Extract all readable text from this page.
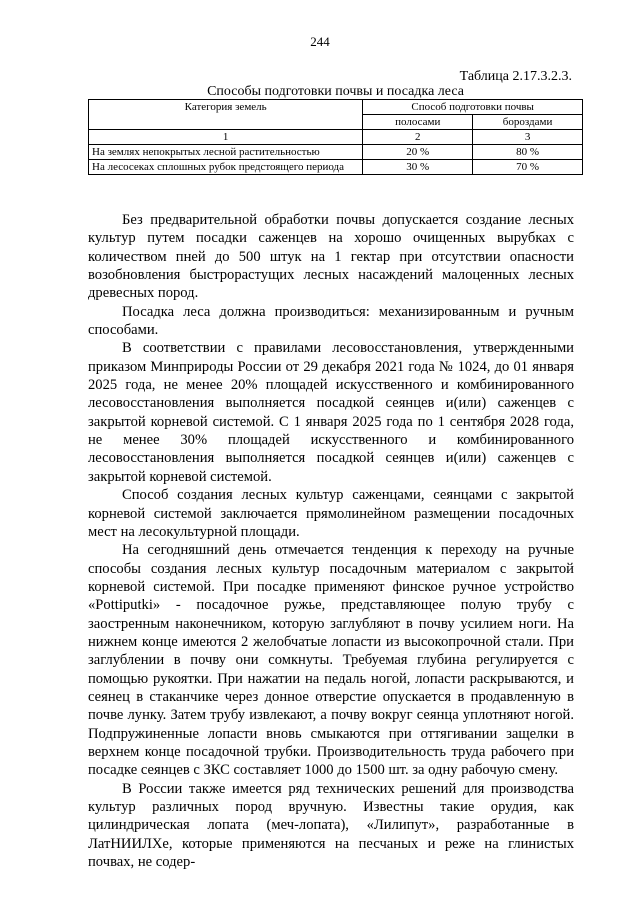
244
Таблица 2.17.3.2.3.
Способы подготовки почвы и посадка леса
Категория земель	Способ подготовки почвы	
	полосами	бороздами
1	2	3
На землях непокрытых лесной растительностью	20 %	80 %
На лесосеках сплошных рубок предстоящего периода	30 %	70 %

Без предварительной обработки почвы допускается создание лесных культур путем посадки саженцев на хорошо очищенных вырубках с количеством пней до 500 штук на 1 гектар при отсутствии опасности возобновления быстрорастущих лесных насаждений малоценных лесных древесных пород.

Посадка леса должна производиться: механизированным и ручным способами.

В соответствии с правилами лесовосстановления, утвержденными приказом Минприроды России от 29 декабря 2021 года № 1024, до 01 января 2025 года, не менее 20% площадей искусственного и комбинированного лесовосстановления выполняется посадкой сеянцев и(или) саженцев с закрытой корневой системой. С 1 января 2025 года по 1 сентября 2028 года, не менее 30% площадей искусственного и комбинированного лесовосстановления выполняется посадкой сеянцев и(или) саженцев с закрытой корневой системой.

Способ создания лесных культур саженцами, сеянцами с закрытой корневой системой заключается прямолинейном размещении посадочных мест на лесокультурной площади.

На сегодняшний день отмечается тенденция к переходу на ручные способы создания лесных культур посадочным материалом с закрытой корневой системой. При посадке применяют финское ручное устройство «Pottiputki» - посадочное ружье, представляющее полую трубу с заостренным наконечником, которую заглубляют в почву усилием ноги. На нижнем конце имеются 2 желобчатые лопасти из высокопрочной стали. При заглублении в почву они сомкнуты. Требуемая глубина регулируется с помощью рукоятки. При нажатии на педаль ногой, лопасти раскрываются, и сеянец в стаканчике через донное отверстие опускается в продавленную в почве лунку. Затем трубу извлекают, а почву вокруг сеянца уплотняют ногой. Подпружиненные лопасти вновь смыкаются при оттягивании защелки в верхнем конце посадочной трубки. Производительность труда рабочего при посадке сеянцев с ЗКС составляет 1000 до 1500 шт. за одну рабочую смену.

В России также имеется ряд технических решений для производства культур различных пород вручную. Известны такие орудия, как цилиндрическая лопата (меч-лопата), «Лилипут», разработанные в ЛатНИИЛХе, которые применяются на песчаных и реже на глинистых почвах, не содер-
